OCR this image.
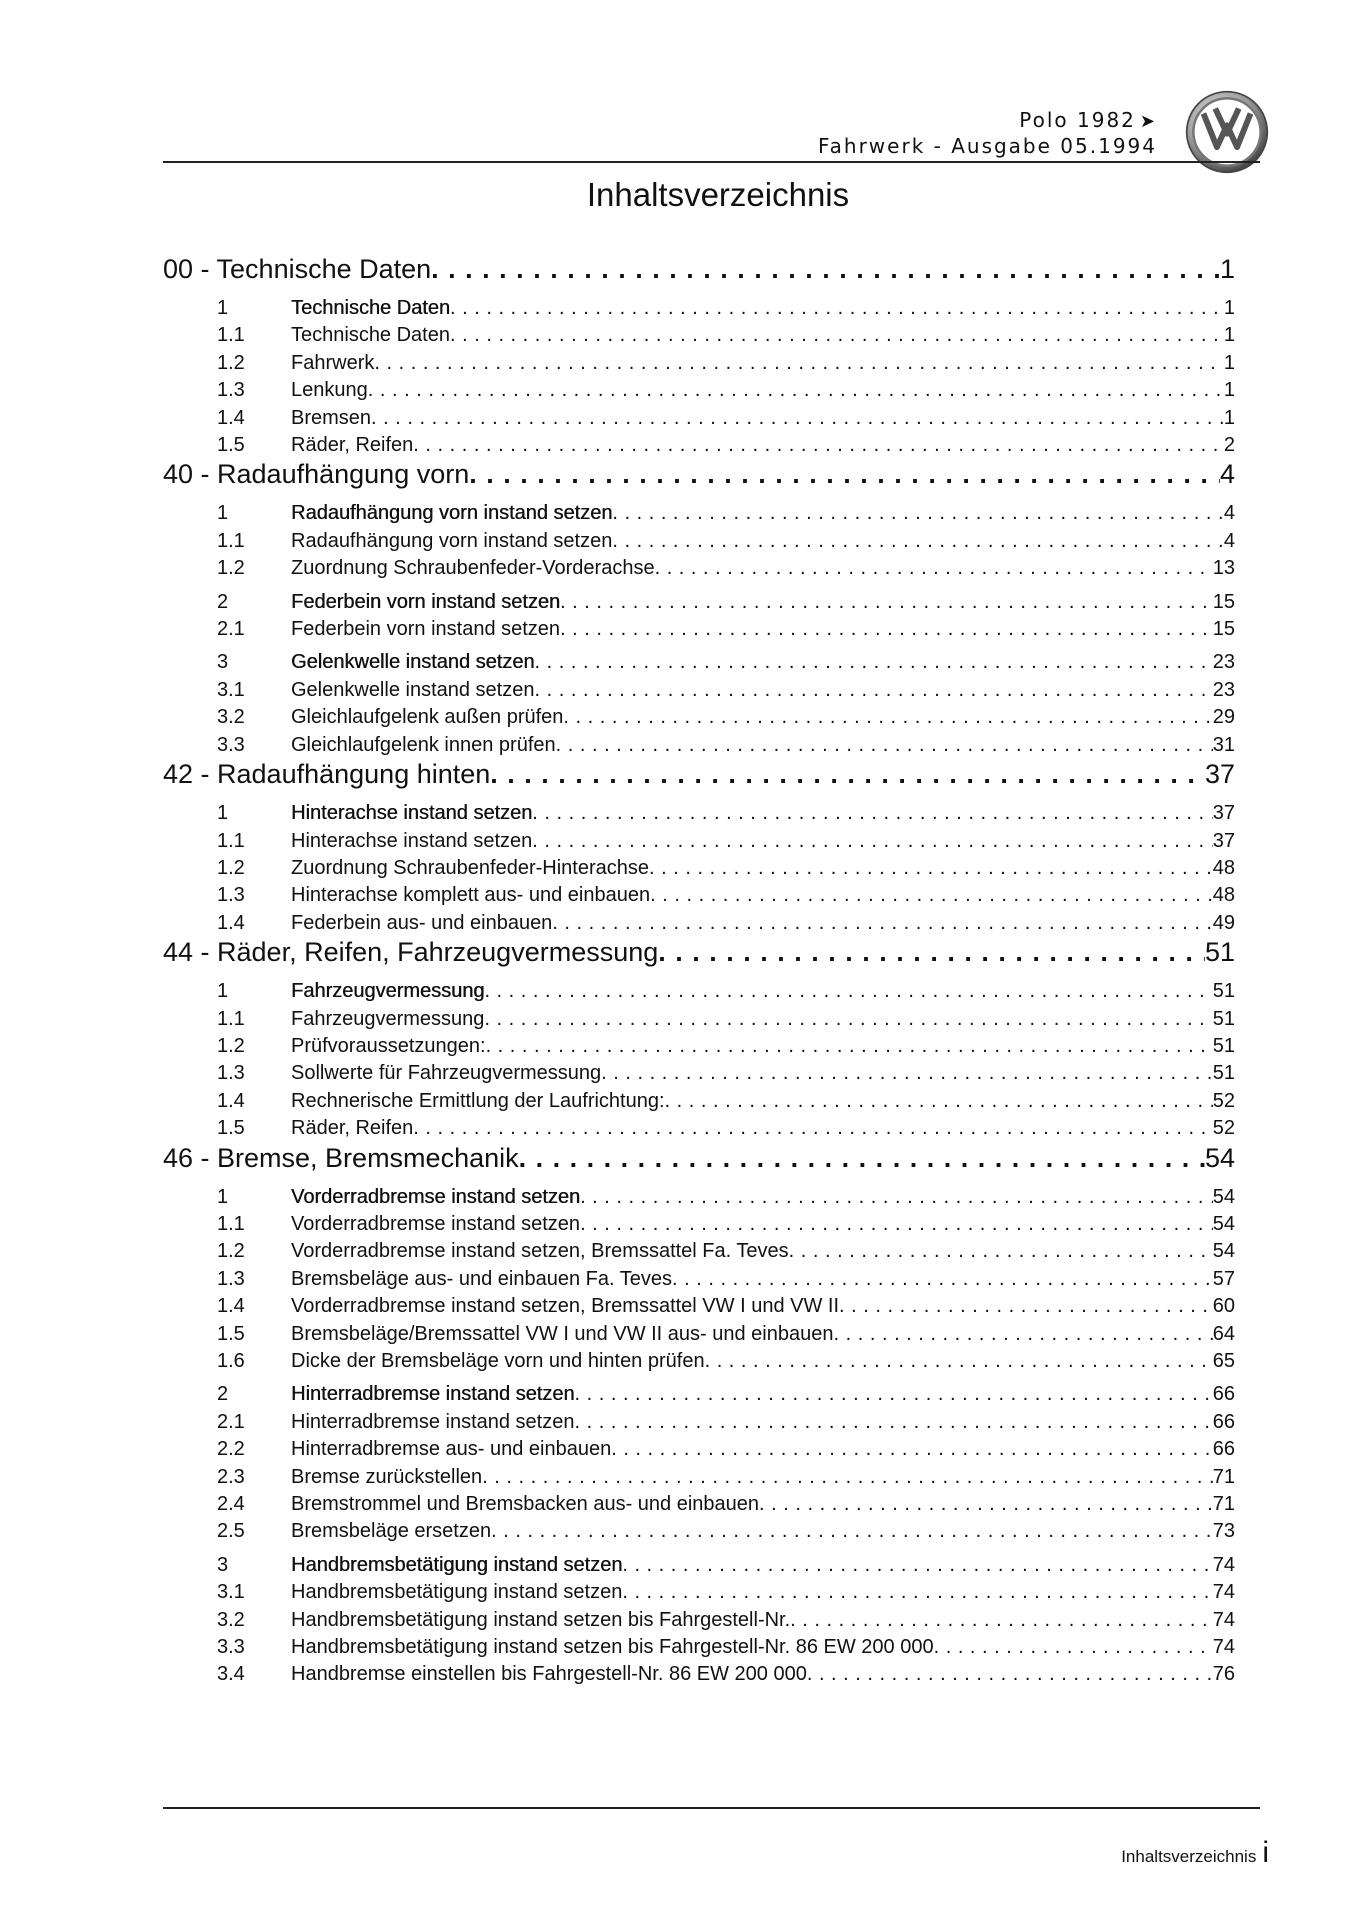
Polo 1982 ➤
Fahrwerk - Ausgabe 05.1994
Inhaltsverzeichnis
00 - Technische Daten . . .	1
1	Technische Daten . . .	1
1.1	Technische Daten . . .	1
1.2	Fahrwerk . . .	1
1.3	Lenkung . . .	1
1.4	Bremsen . . .	1
1.5	Räder, Reifen . . .	2
40 - Radaufhängung vorn . . .	4
1	Radaufhängung vorn instand setzen . . .	4
1.1	Radaufhängung vorn instand setzen . . .	4
1.2	Zuordnung Schraubenfeder-Vorderachse . . .	13
2	Federbein vorn instand setzen . . .	15
2.1	Federbein vorn instand setzen . . .	15
3	Gelenkwelle instand setzen . . .	23
3.1	Gelenkwelle instand setzen . . .	23
3.2	Gleichlaufgelenk außen prüfen . . .	29
3.3	Gleichlaufgelenk innen prüfen . . .	31
42 - Radaufhängung hinten . . .	37
1	Hinterachse instand setzen . . .	37
1.1	Hinterachse instand setzen . . .	37
1.2	Zuordnung Schraubenfeder-Hinterachse . . .	48
1.3	Hinterachse komplett aus- und einbauen . . .	48
1.4	Federbein aus- und einbauen . . .	49
44 - Räder, Reifen, Fahrzeugvermessung . . .	51
1	Fahrzeugvermessung . . .	51
1.1	Fahrzeugvermessung . . .	51
1.2	Prüfvoraussetzungen: . . .	51
1.3	Sollwerte für Fahrzeugvermessung . . .	51
1.4	Rechnerische Ermittlung der Laufrichtung: . . .	52
1.5	Räder, Reifen . . .	52
46 - Bremse, Bremsmechanik . . .	54
1	Vorderradbremse instand setzen . . .	54
1.1	Vorderradbremse instand setzen . . .	54
1.2	Vorderradbremse instand setzen, Bremssattel Fa. Teves . . .	54
1.3	Bremsbeläge aus- und einbauen Fa. Teves . . .	57
1.4	Vorderradbremse instand setzen, Bremssattel VW I und VW II . . .	60
1.5	Bremsbeläge/Bremssattel VW I und VW II aus- und einbauen . . .	64
1.6	Dicke der Bremsbeläge vorn und hinten prüfen . . .	65
2	Hinterradbremse instand setzen . . .	66
2.1	Hinterradbremse instand setzen . . .	66
2.2	Hinterradbremse aus- und einbauen . . .	66
2.3	Bremse zurückstellen . . .	71
2.4	Bremstrommel und Bremsbacken aus- und einbauen . . .	71
2.5	Bremsbeläge ersetzen . . .	73
3	Handbremsbetätigung instand setzen . . .	74
3.1	Handbremsbetätigung instand setzen . . .	74
3.2	Handbremsbetätigung instand setzen bis Fahrgestell-Nr. . . .	74
3.3	Handbremsbetätigung instand setzen bis Fahrgestell-Nr. 86 EW 200 000 . . .	74
3.4	Handbremse einstellen bis Fahrgestell-Nr. 86 EW 200 000 . . .	76
Inhaltsverzeichnis i
